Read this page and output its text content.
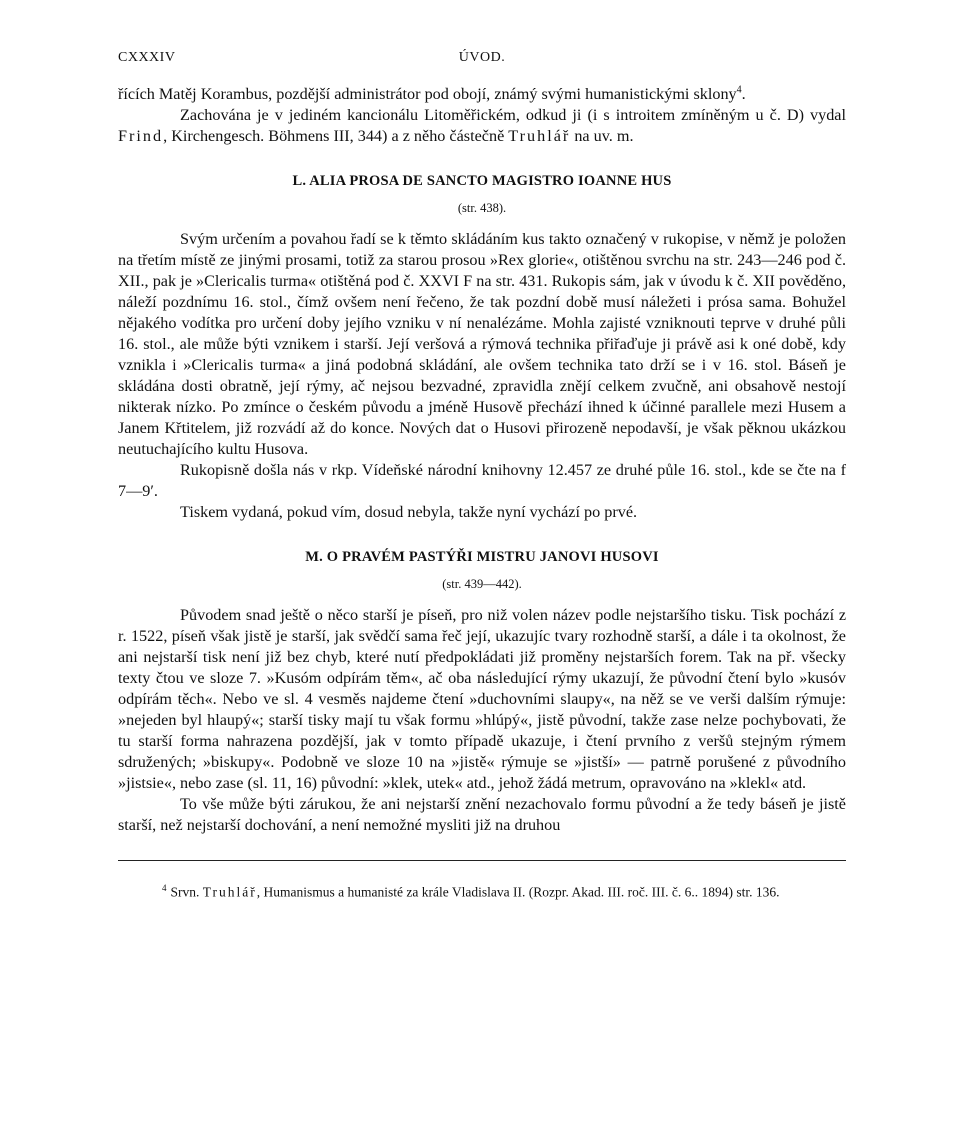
CXXXIV	ÚVOD.

řících Matěj Korambus, pozdější administrátor pod obojí, známý svými humanistickými sklony$^4$.

Zachována je v jediném kancionálu Litoměřickém, odkud ji (i s introitem zmíněným u č. D) vydal Frind, Kirchengesch. Böhmens III, 344) a z něho částečně Truhlář na uv. m.

L. ALIA PROSA DE SANCTO MAGISTRO IOANNE HUS
(str. 438).

Svým určením a povahou řadí se k těmto skládáním kus takto označený v rukopise, v němž je položen na třetím místě ze jinými prosami, totiž za starou prosou »Rex glorie«, otištěnou svrchu na str. 243—246 pod č. XII., pak je »Clericalis turma« otištěná pod č. XXVI F na str. 431. Rukopis sám, jak v úvodu k č. XII pověděno, náleží pozdnímu 16. stol., čímž ovšem není řečeno, že tak pozdní době musí náležeti i prósa sama. Bohužel nějakého vodítka pro určení doby jejího vzniku v ní nenalézáme. Mohla zajisté vzniknouti teprve v druhé půli 16. stol., ale může býti vznikem i starší. Její veršová a rýmová technika přiřaďuje ji právě asi k oné době, kdy vznikla i »Clericalis turma« a jiná podobná skládání, ale ovšem technika tato drží se i v 16. stol. Báseň je skládána dosti obratně, její rýmy, ač nejsou bezvadné, zpravidla znějí celkem zvučně, ani obsahově nestojí nikterak nízko. Po zmínce o českém původu a jméně Husově přechází ihned k účinné parallele mezi Husem a Janem Křtitelem, již rozvádí až do konce. Nových dat o Husovi přirozeně nepodavší, je však pěknou ukázkou neutuchajícího kultu Husova.

Rukopisně došla nás v rkp. Vídeňské národní knihovny 12.457 ze druhé půle 16. stol., kde se čte na f 7—9′.

Tiskem vydaná, pokud vím, dosud nebyla, takže nyní vychází po prvé.

M. O PRAVÉM PASTÝŘI MISTRU JANOVI HUSOVI
(str. 439—442).

Původem snad ještě o něco starší je píseň, pro niž volen název podle nejstaršího tisku. Tisk pochází z r. 1522, píseň však jistě je starší, jak svědčí sama řeč její, ukazujíc tvary rozhodně starší, a dále i ta okolnost, že ani nejstarší tisk není již bez chyb, které nutí předpokládati již proměny nejstarších forem. Tak na př. všecky texty čtou ve sloze 7. »Kusóm odpírám těm«, ač oba následující rýmy ukazují, že původní čtení bylo »kusóv odpírám těch«. Nebo ve sl. 4 vesměs najdeme čtení »duchovními slaupy«, na něž se ve verši dalším rýmuje: »nejeden byl hlaupý«; starší tisky mají tu však formu »hlúpý«, jistě původní, takže zase nelze pochybovati, že tu starší forma nahrazena pozdější, jak v tomto případě ukazuje, i čtení prvního z veršů stejným rýmem sdružených; »biskupy«. Podobně ve sloze 10 na »jistě« rýmuje se »jistší» — patrně porušené z původního »jistsie«, nebo zase (sl. 11, 16) původní: »klek, utek« atd., jehož žádá metrum, opravováno na »klekl« atd.

To vše může býti zárukou, že ani nejstarší znění nezachovalo formu původní a že tedy báseň je jistě starší, než nejstarší dochování, a není nemožné mysliti již na druhou

$^4$ Srvn. Truhlář, Humanismus a humanisté za krále Vladislava II. (Rozpr. Akad. III. roč. III. č. 6.. 1894) str. 136.
